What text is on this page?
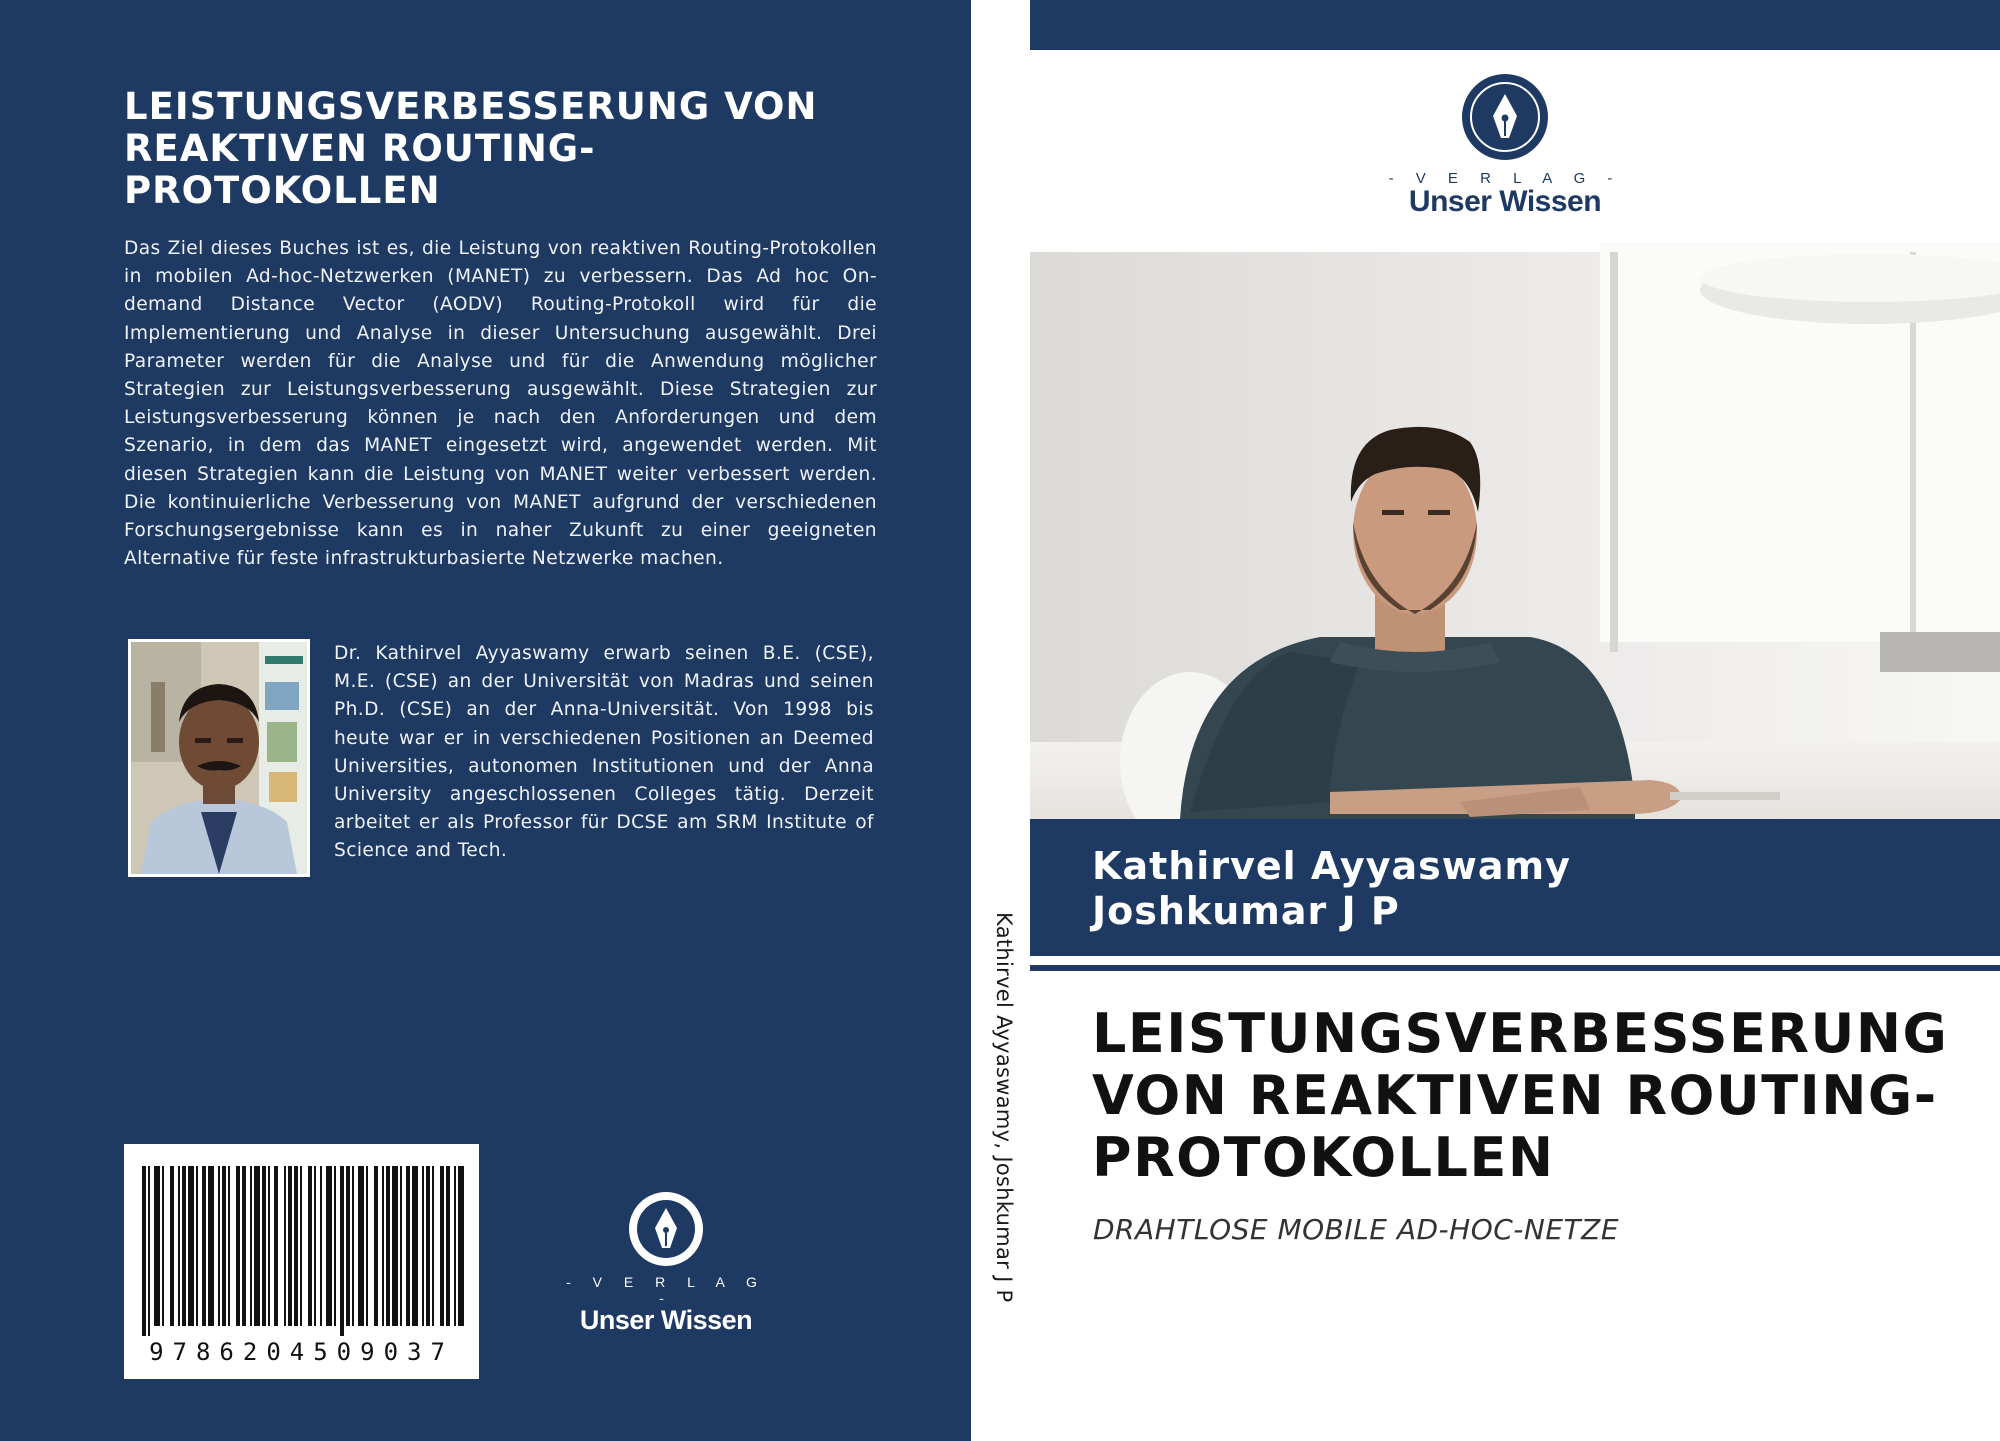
LEISTUNGSVERBESSERUNG VON REAKTIVEN ROUTING-PROTOKOLLEN

Das Ziel dieses Buches ist es, die Leistung von reaktiven Routing-Protokollen in mobilen Ad-hoc-Netzwerken (MANET) zu verbessern. Das Ad hoc On-demand Distance Vector (AODV) Routing-Protokoll wird für die Implementierung und Analyse in dieser Untersuchung ausgewählt. Drei Parameter werden für die Analyse und für die Anwendung möglicher Strategien zur Leistungsverbesserung ausgewählt. Diese Strategien zur Leistungsverbesserung können je nach den Anforderungen und dem Szenario, in dem das MANET eingesetzt wird, angewendet werden. Mit diesen Strategien kann die Leistung von MANET weiter verbessert werden. Die kontinuierliche Verbesserung von MANET aufgrund der verschiedenen Forschungsergebnisse kann es in naher Zukunft zu einer geeigneten Alternative für feste infrastrukturbasierte Netzwerke machen.

Dr. Kathirvel Ayyaswamy erwarb seinen B.E. (CSE), M.E. (CSE) an der Universität von Madras und seinen Ph.D. (CSE) an der Anna-Universität. Von 1998 bis heute war er in verschiedenen Positionen an Deemed Universities, autonomen Institutionen und der Anna University angeschlossenen Colleges tätig. Derzeit arbeitet er als Professor für DCSE am SRM Institute of Science and Tech.

9786204509037
- V E R L A G -
Unser Wissen
Kathirvel Ayyaswamy, Joshkumar J P
- V E R L A G -
Unser Wissen
Kathirvel Ayyaswamy
Joshkumar J P
LEISTUNGSVERBESSERUNG VON REAKTIVEN ROUTING-PROTOKOLLEN
DRAHTLOSE MOBILE AD-HOC-NETZE
